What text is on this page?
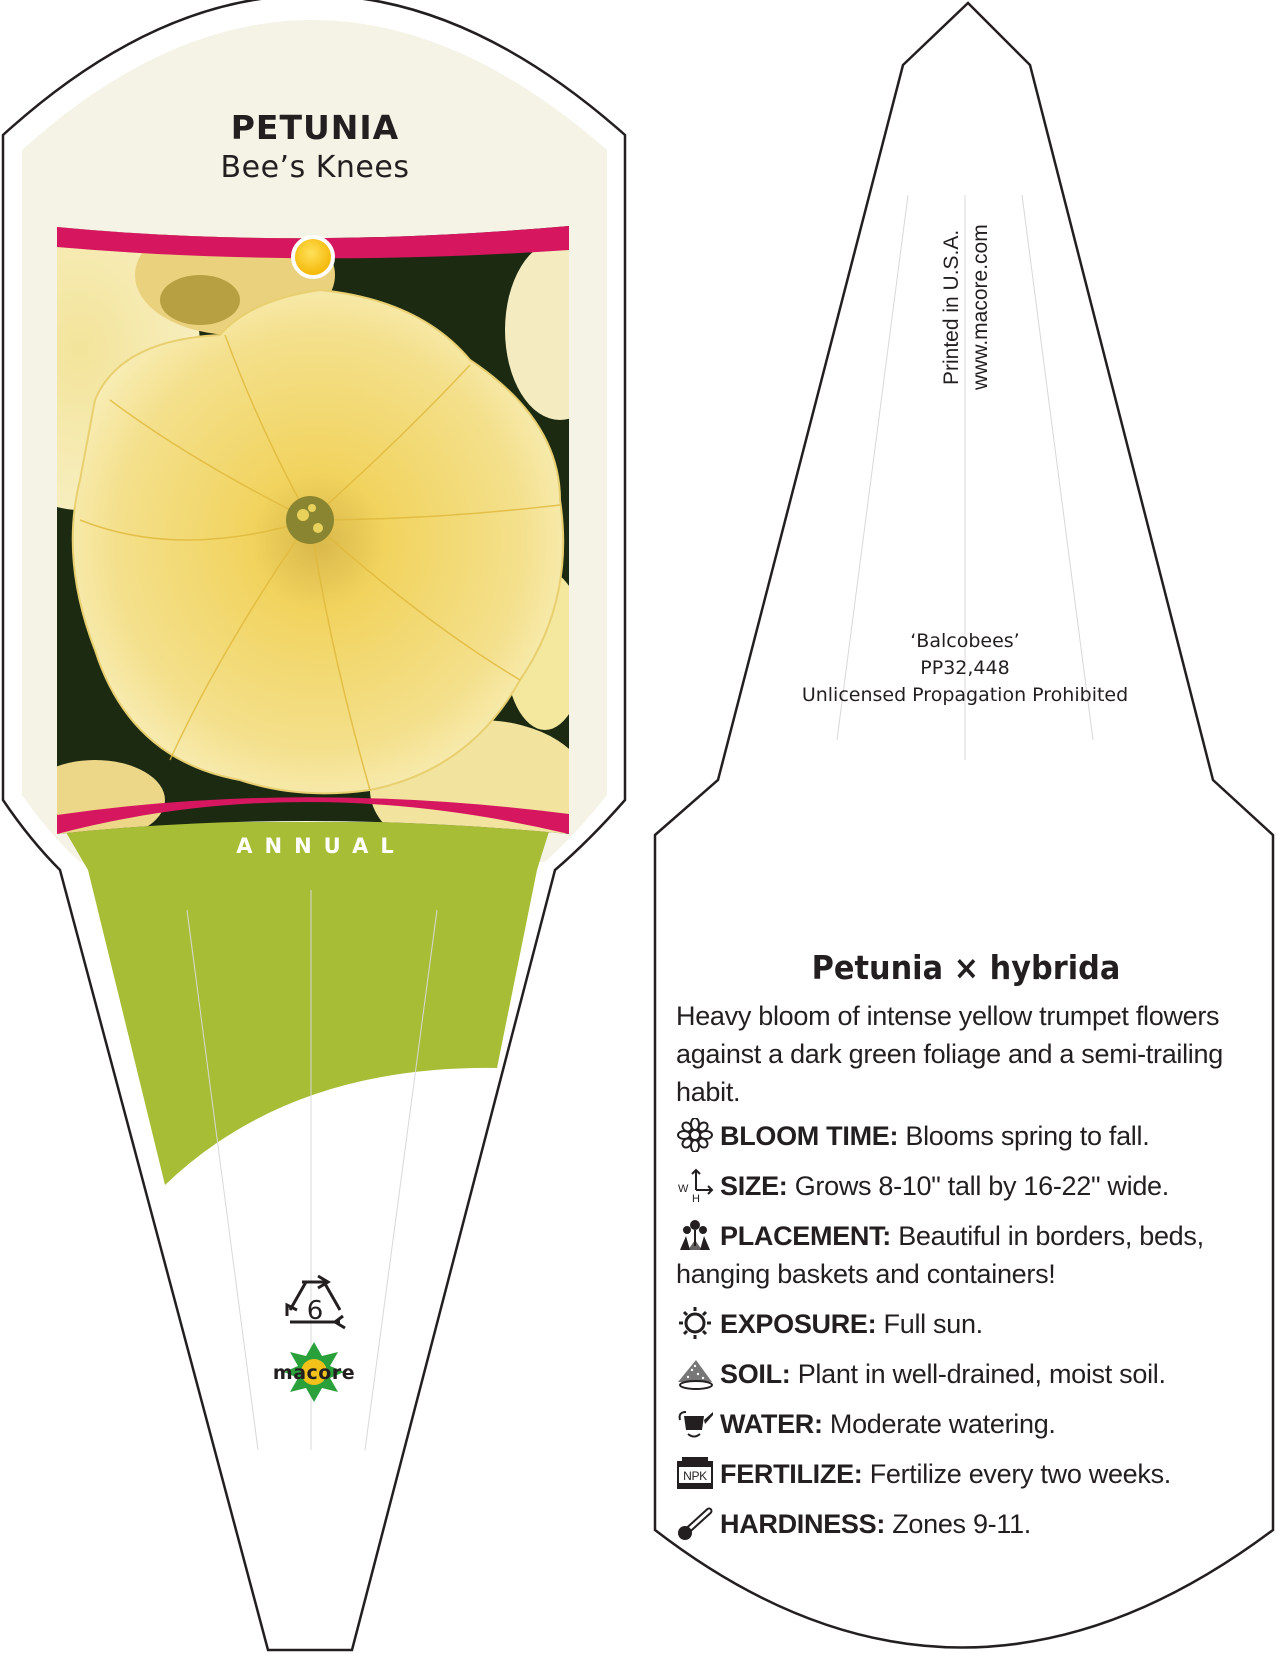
PETUNIA
Bee’s Knees
ANNUAL
6
macore
Printed in U.S.A. www.macore.com
‘Balcobees’
PP32,448
Unlicensed Propagation Prohibited
Petunia × hybrida
Heavy bloom of intense yellow trumpet flowers against a dark green foliage and a semi-trailing habit.
BLOOM TIME: Blooms spring to fall.
W
H SIZE: Grows 8-10" tall by 16-22" wide.
PLACEMENT: Beautiful in borders, beds, hanging baskets and containers!
EXPOSURE: Full sun.
SOIL: Plant in well-drained, moist soil.
WATER: Moderate watering.
NPK FERTILIZE: Fertilize every two weeks.
HARDINESS: Zones 9-11.
